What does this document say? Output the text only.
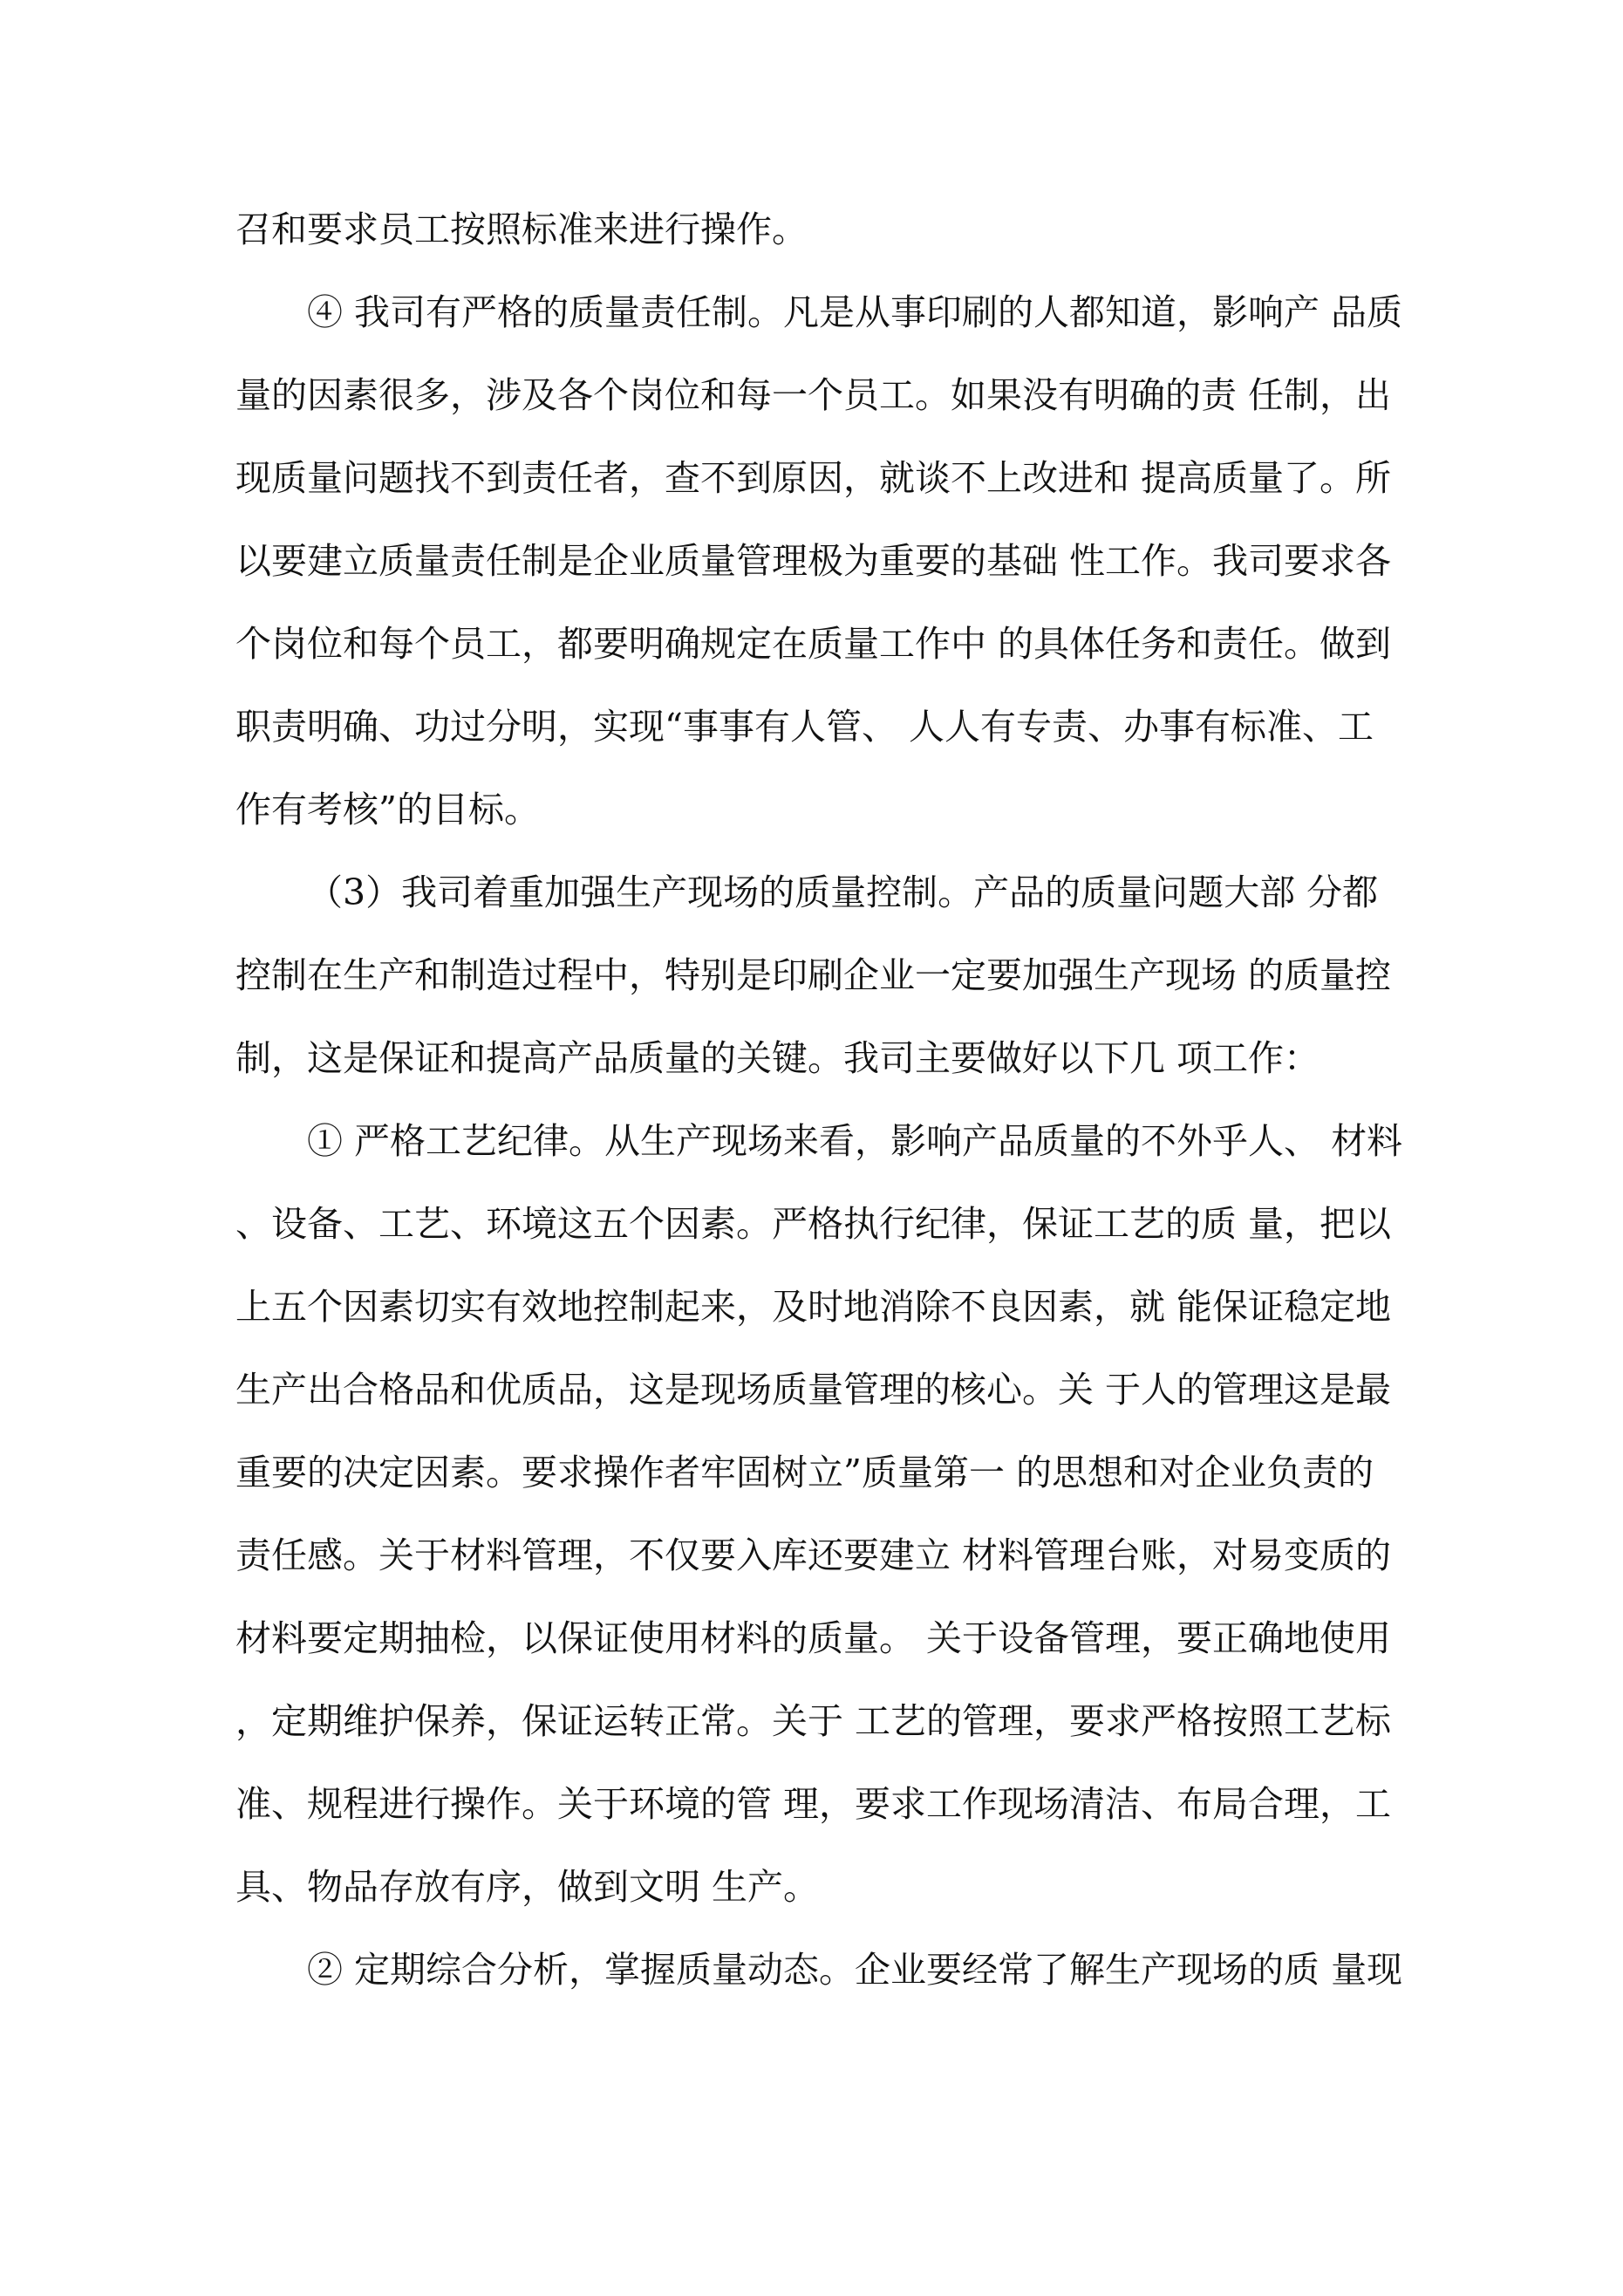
召和要求员工按照标准来进行操作。
④ 我司有严格的质量责任制。凡是从事印刷的人都知道，影响产 品质
量的因素很多，涉及各个岗位和每一个员工。如果没有明确的责 任制，出
现质量问题找不到责任者，查不到原因，就谈不上改进和 提高质量了。所
以要建立质量责任制是企业质量管理极为重要的基础 性工作。我司要求各
个岗位和每个员工，都要明确规定在质量工作中 的具体任务和责任。做到
职责明确、功过分明，实现“事事有人管、 人人有专责、办事有标准、工
作有考核”的目标。
（3）我司着重加强生产现场的质量控制。产品的质量问题大部 分都
控制在生产和制造过程中，特别是印刷企业一定要加强生产现场 的质量控
制，这是保证和提高产品质量的关键。我司主要做好以下几 项工作：
① 严格工艺纪律。从生产现场来看，影响产品质量的不外乎人、 材料
、设备、工艺、环境这五个因素。严格执行纪律，保证工艺的质 量，把以
上五个因素切实有效地控制起来，及时地消除不良因素，就 能保证稳定地
生产出合格品和优质品，这是现场质量管理的核心。关 于人的管理这是最
重要的决定因素。要求操作者牢固树立”质量第一 的思想和对企业负责的
责任感。关于材料管理，不仅要入库还要建立 材料管理台账，对易变质的
材料要定期抽检，以保证使用材料的质量。 关于设备管理，要正确地使用
，定期维护保养，保证运转正常。关于 工艺的管理，要求严格按照工艺标
准、规程进行操作。关于环境的管 理，要求工作现场清洁、布局合理，工
具、物品存放有序，做到文明 生产。
② 定期综合分析，掌握质量动态。企业要经常了解生产现场的质 量现
